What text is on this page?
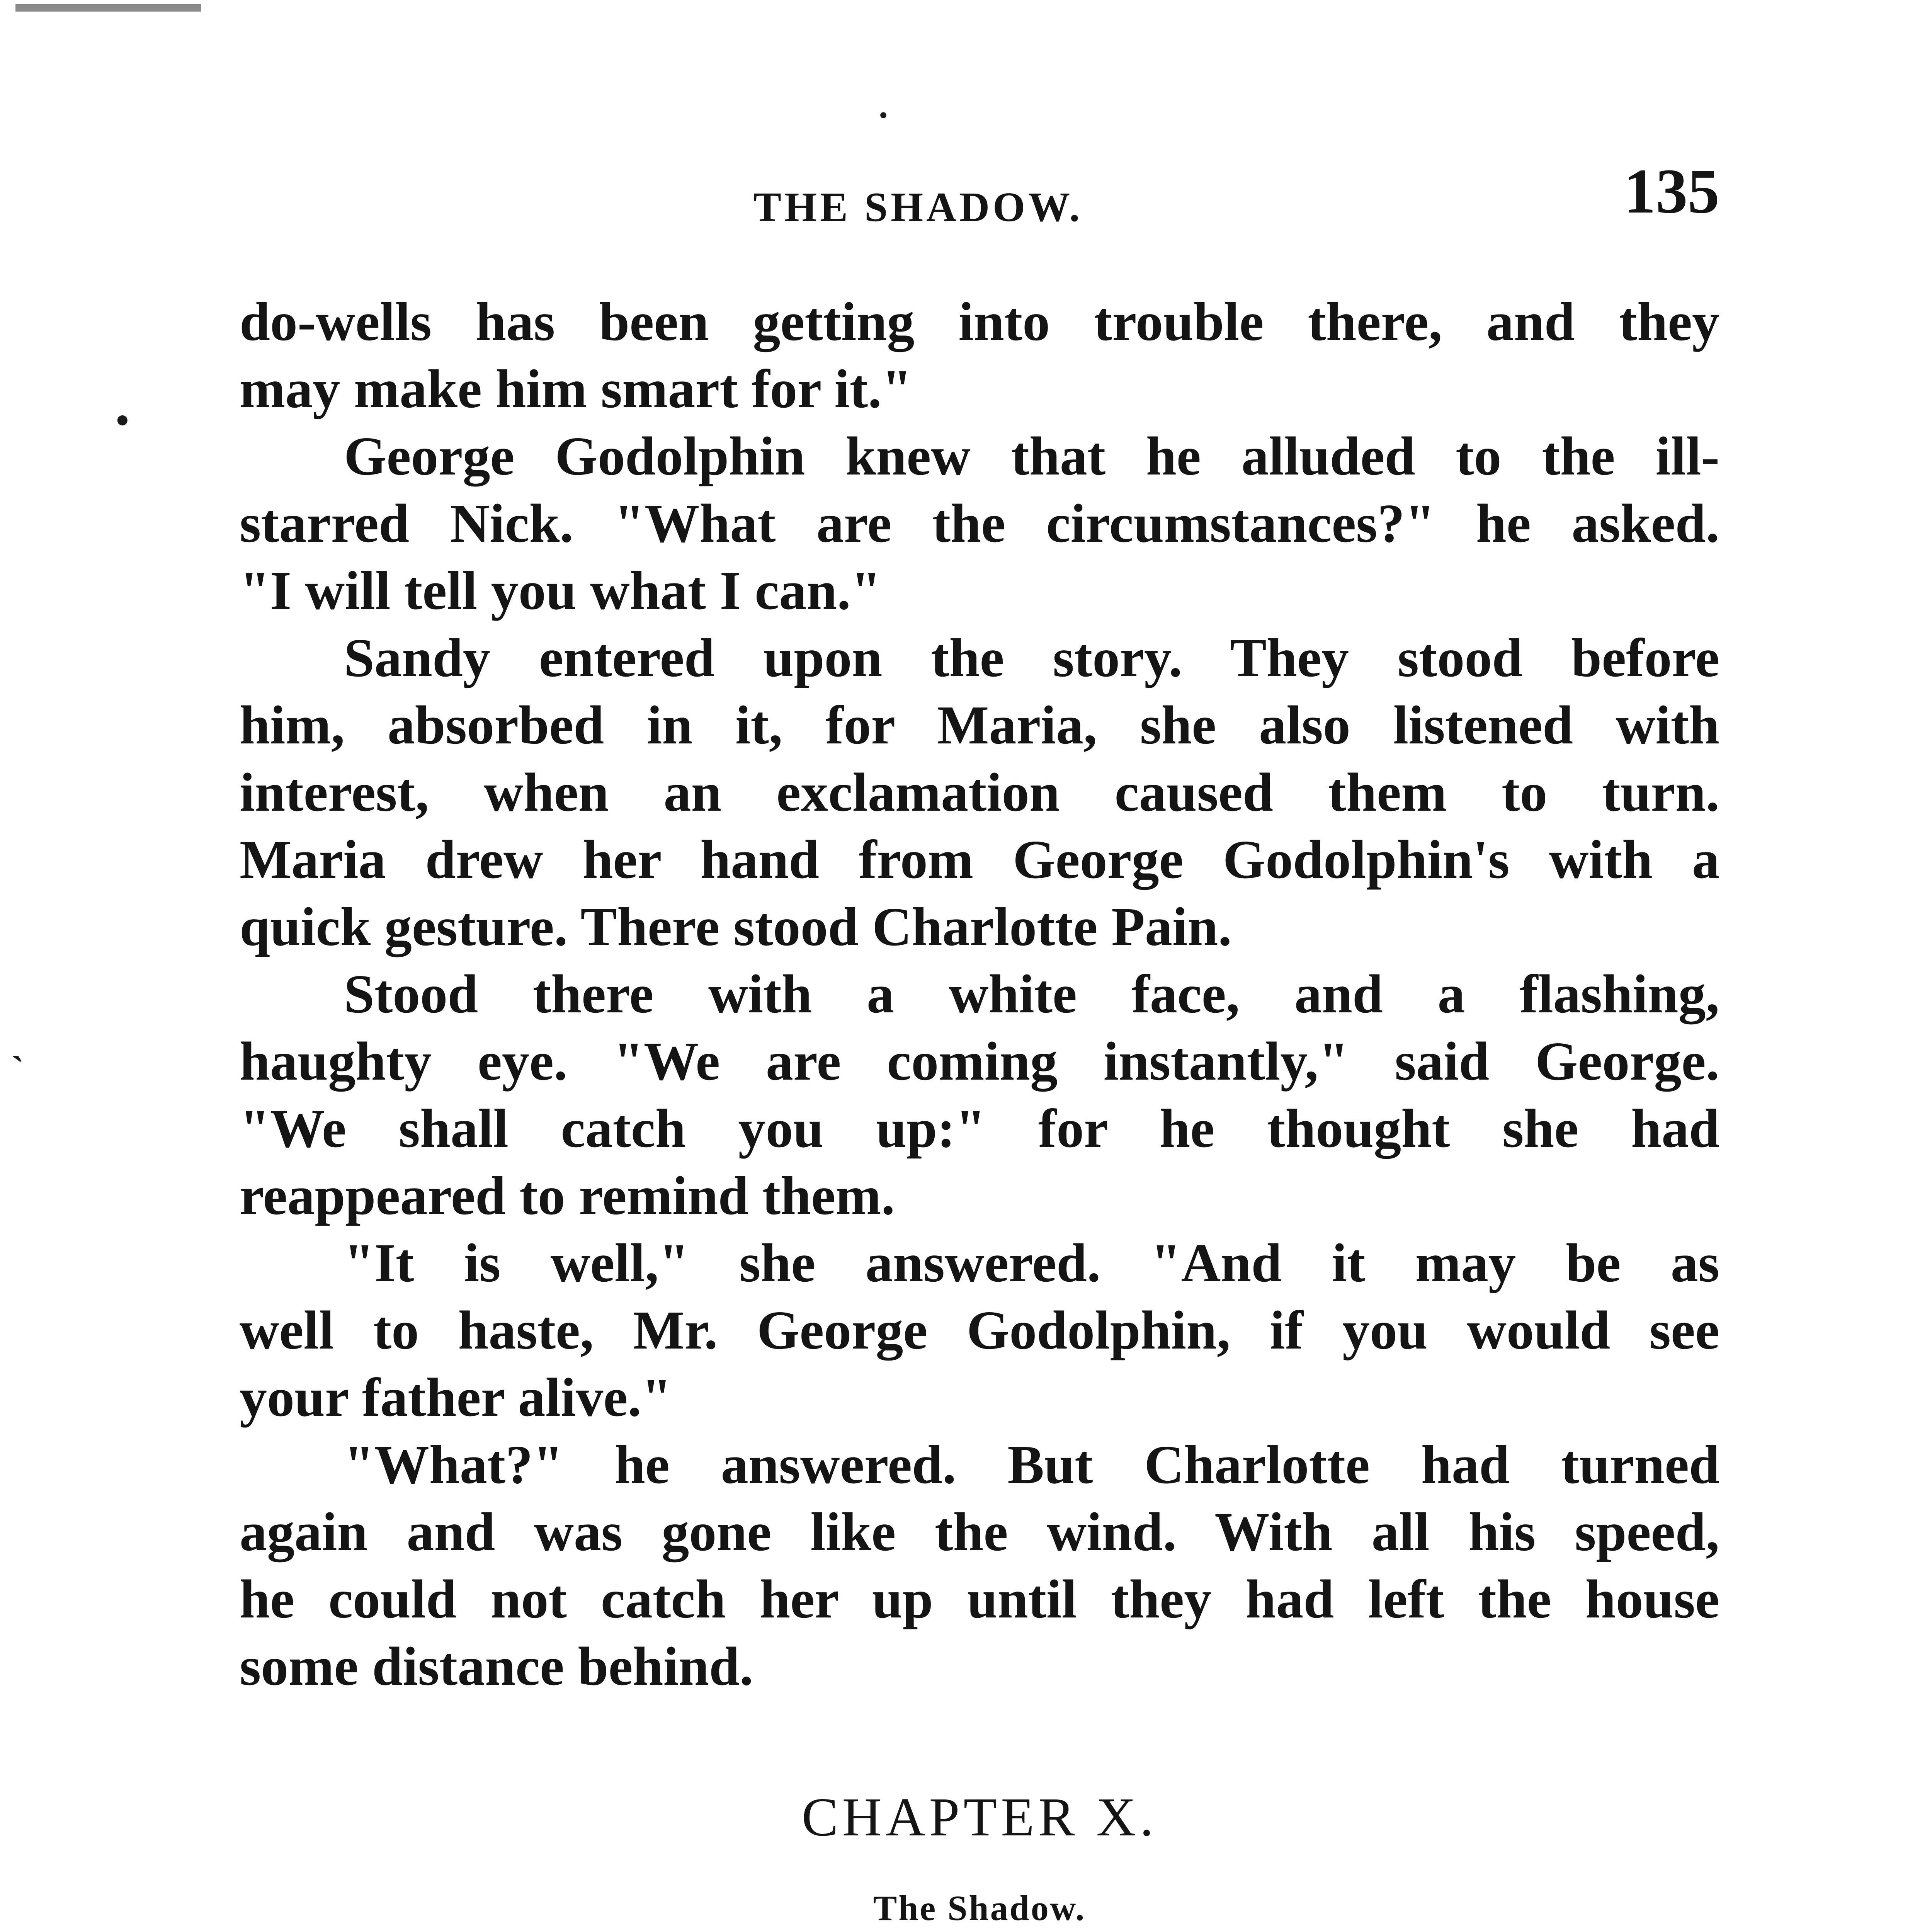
·
THE SHADOW.	135
•
`
do-wells has been getting into trouble there, and they
may make him smart for it."
George Godolphin knew that he alluded to the ill-
starred Nick. "What are the circumstances?" he asked.
"I will tell you what I can."
Sandy entered upon the story. They stood before
him, absorbed in it, for Maria, she also listened with
interest, when an exclamation caused them to turn.
Maria drew her hand from George Godolphin's with a
quick gesture. There stood Charlotte Pain.
Stood there with a white face, and a flashing,
haughty eye. "We are coming instantly," said George.
"We shall catch you up:" for he thought she had
reappeared to remind them.
"It is well," she answered. "And it may be as
well to haste, Mr. George Godolphin, if you would see
your father alive."
"What?" he answered. But Charlotte had turned
again and was gone like the wind. With all his speed,
he could not catch her up until they had left the house
some distance behind.
CHAPTER X.
The Shadow.
